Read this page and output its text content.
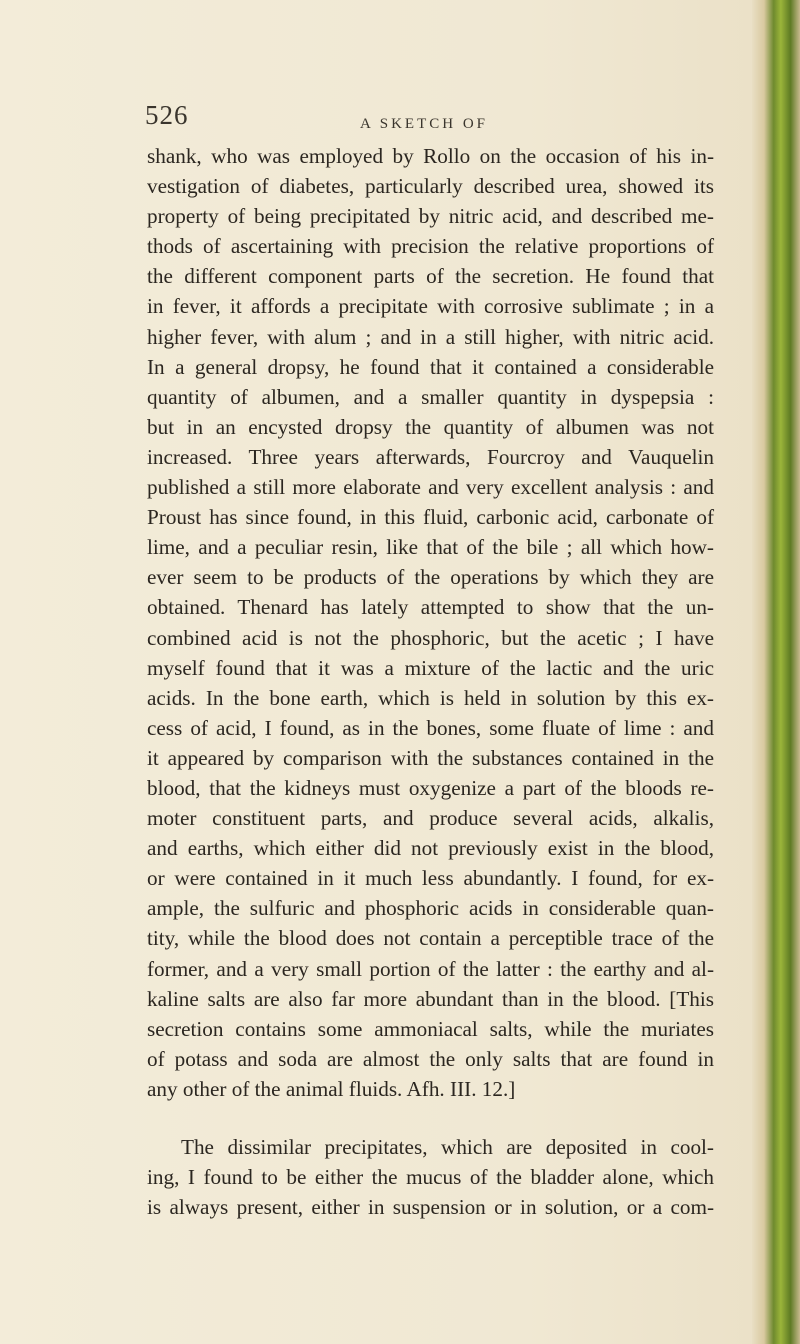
526	A SKETCH OF
shank, who was employed by Rollo on the occasion of his in-
vestigation of diabetes, particularly described urea, showed its
property of being precipitated by nitric acid, and described me-
thods of ascertaining with precision the relative proportions of
the different component parts of the secretion. He found that
in fever, it affords a precipitate with corrosive sublimate ; in a
higher fever, with alum ; and in a still higher, with nitric acid.
In a general dropsy, he found that it contained a considerable
quantity of albumen, and a smaller quantity in dyspepsia :
but in an encysted dropsy the quantity of albumen was not
increased. Three years afterwards, Fourcroy and Vauquelin
published a still more elaborate and very excellent analysis : and
Proust has since found, in this fluid, carbonic acid, carbonate of
lime, and a peculiar resin, like that of the bile ; all which how-
ever seem to be products of the operations by which they are
obtained. Thenard has lately attempted to show that the un-
combined acid is not the phosphoric, but the acetic ; I have
myself found that it was a mixture of the lactic and the uric
acids. In the bone earth, which is held in solution by this ex-
cess of acid, I found, as in the bones, some fluate of lime : and
it appeared by comparison with the substances contained in the
blood, that the kidneys must oxygenize a part of the bloods re-
moter constituent parts, and produce several acids, alkalis,
and earths, which either did not previously exist in the blood,
or were contained in it much less abundantly. I found, for ex-
ample, the sulfuric and phosphoric acids in considerable quan-
tity, while the blood does not contain a perceptible trace of the
former, and a very small portion of the latter : the earthy and al-
kaline salts are also far more abundant than in the blood. [This
secretion contains some ammoniacal salts, while the muriates
of potass and soda are almost the only salts that are found in
any other of the animal fluids. Afh. III. 12.]
The dissimilar precipitates, which are deposited in cool-
ing, I found to be either the mucus of the bladder alone, which
is always present, either in suspension or in solution, or a com-
